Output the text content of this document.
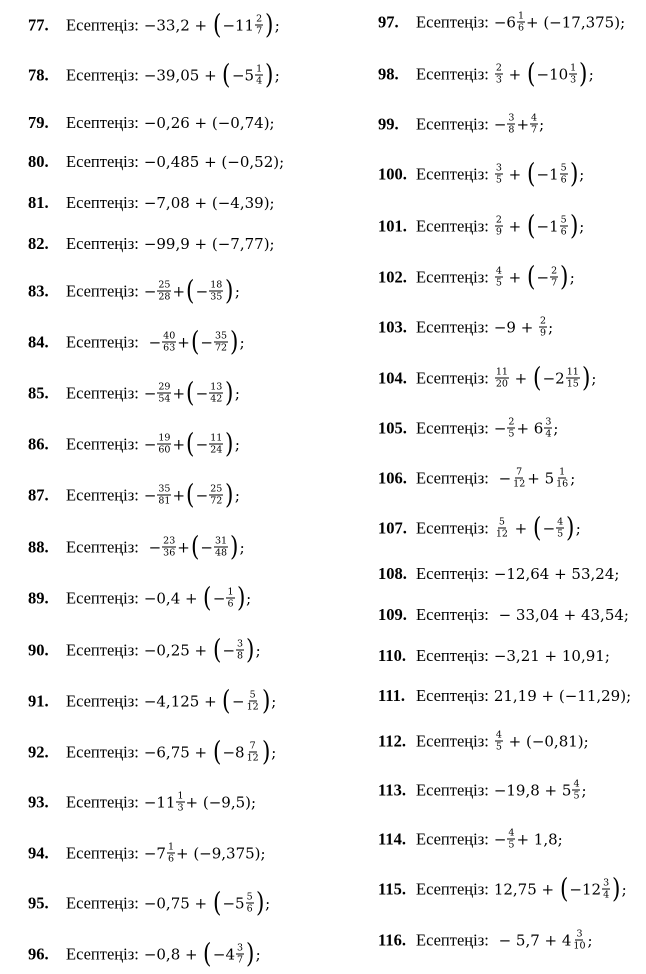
77.	Есептеңіз: −33,2 + ( $-11 \frac{2}{7}$ ) ;
78.	Есептеңіз: −39,05 + ( $-5 \frac{1}{4}$ ) ;
79.	Есептеңіз: −0,26 + (−0,74);
80.	Есептеңіз: −0,485 + (−0,52);
81.	Есептеңіз: −7,08 + (−4,39);
82.	Есептеңіз: −99,9 + (−7,77);
83.	Есептеңіз: − $\frac{25}{28}$ + ( − $\frac{18}{35}$ ) ;
84.	Есептеңіз: − $\frac{40}{63}$ + ( − $\frac{35}{72}$ ) ;
85.	Есептеңіз: − $\frac{29}{54}$ + ( − $\frac{13}{42}$ ) ;
86.	Есептеңіз: − $\frac{19}{60}$ + ( − $\frac{11}{24}$ ) ;
87.	Есептеңіз: − $\frac{35}{81}$ + ( − $\frac{25}{72}$ ) ;
88.	Есептеңіз: − $\frac{23}{36}$ + ( − $\frac{31}{48}$ ) ;
89.	Есептеңіз: −0,4 + ( − $\frac{1}{6}$ ) ;
90.	Есептеңіз: −0,25 + ( − $\frac{3}{8}$ ) ;
91.	Есептеңіз: −4,125 + ( − $\frac{5}{12}$ ) ;
92.	Есептеңіз: −6,75 + ( $-8 \frac{7}{12}$ ) ;
93.	Есептеңіз: $-11 \frac{1}{3} + (-9,5)$;
94.	Есептеңіз: $-7 \frac{1}{6} + (-9,375)$;
95.	Есептеңіз: −0,75 + ( $-5 \frac{5}{6}$ ) ;
96.	Есептеңіз: −0,8 + ( $-4 \frac{3}{7}$ ) ;
97.	Есептеңіз: $-6 \frac{1}{6} + (-17,375)$;
98.	Есептеңіз: $\frac{2}{3}$ + ( $-10 \frac{1}{3}$ ) ;
99.	Есептеңіз: − $\frac{3}{8} + \frac{4}{7}$ ;
100. Есептеңіз: $\frac{3}{5}$ + ( $-1 \frac{5}{6}$ ) ;
101. Есептеңіз: $\frac{2}{9}$ + ( $-1 \frac{5}{6}$ ) ;
102. Есептеңіз: $\frac{4}{5}$ + ( − $\frac{2}{7}$ ) ;
103. Есептеңіз: $-9 + \frac{2}{9}$ ;
104. Есептеңіз: $\frac{11}{20}$ + ( $-2 \frac{11}{15}$ ) ;
105. Есептеңіз: − $\frac{2}{5} + 6 \frac{3}{4}$ ;
106. Есептеңіз: − $\frac{7}{12} + 5 \frac{1}{16}$ ;
107. Есептеңіз: $\frac{5}{12}$ + ( − $\frac{4}{5}$ ) ;
108. Есептеңіз: −12,64 + 53,24;
109. Есептеңіз: − 33,04 + 43,54;
110. Есептеңіз: −3,21 + 10,91;
111. Есептеңіз: 21,19 + (−11,29);
112. Есептеңіз: $\frac{4}{5} + (-0,81)$;
113. Есептеңіз: $-19,8 + 5 \frac{4}{5}$ ;
114. Есептеңіз: − $\frac{4}{5} + 1,8$;
115. Есептеңіз: 12,75 + ( $-12 \frac{3}{4}$ ) ;
116. Есептеңіз: − $5,7 + 4 \frac{3}{10}$ ;
